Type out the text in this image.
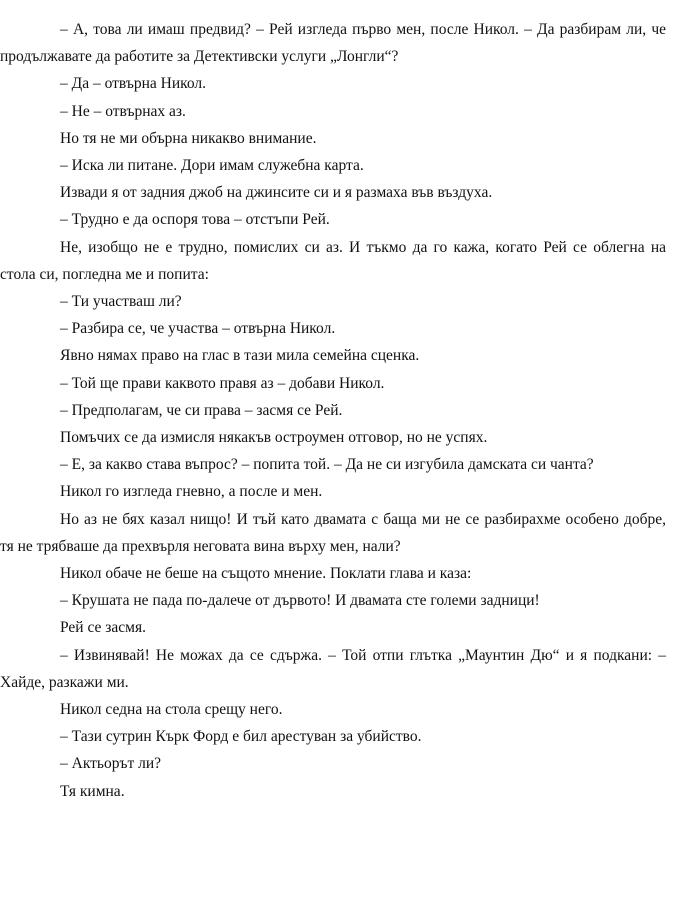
– А, това ли имаш предвид? – Рей изгледа първо мен, после Никол. – Да разбирам ли, че
продължавате да работите за Детективски услуги „Лонгли“?
– Да – отвърна Никол.
– Не – отвърнах аз.
Но тя не ми обърна никакво внимание.
– Иска ли питане. Дори имам служебна карта.
Извади я от задния джоб на джинсите си и я размаха във въздуха.
– Трудно е да оспоря това – отстъпи Рей.
Не, изобщо не е трудно, помислих си аз. И тъкмо да го кажа, когато Рей се облегна на
стола си, погледна ме и попита:
– Ти участваш ли?
– Разбира се, че участва – отвърна Никол.
Явно нямах право на глас в тази мила семейна сценка.
– Той ще прави каквото правя аз – добави Никол.
– Предполагам, че си права – засмя се Рей.
Помъчих се да измисля някакъв остроумен отговор, но не успях.
– Е, за какво става въпрос? – попита той. – Да не си изгубила дамската си чанта?
Никол го изгледа гневно, а после и мен.
Но аз не бях казал нищо! И тъй като двамата с баща ми не се разбирахме особено добре,
тя не трябваше да прехвърля неговата вина върху мен, нали?
Никол обаче не беше на същото мнение. Поклати глава и каза:
– Крушата не пада по-далече от дървото! И двамата сте големи задници!
Рей се засмя.
– Извинявай! Не можах да се сдържа. – Той отпи глътка „Маунтин Дю“ и я подкани: –
Хайде, разкажи ми.
Никол седна на стола срещу него.
– Тази сутрин Кърк Форд е бил арестуван за убийство.
– Актьорът ли?
Тя кимна.
